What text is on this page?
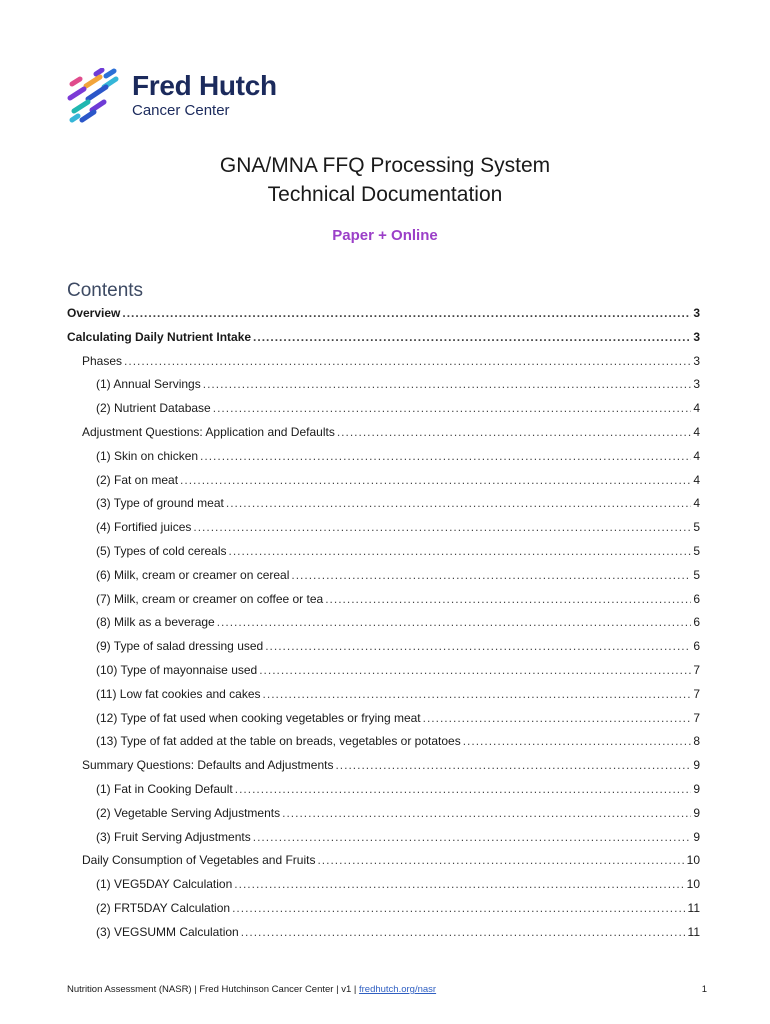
Fred Hutch
Cancer Center
GNA/MNA FFQ Processing System
Technical Documentation
Paper + Online
Contents
Overview .....	3
Calculating Daily Nutrient Intake .....	3
Phases .....	3
(1) Annual Servings .....	3
(2) Nutrient Database .....	4
Adjustment Questions: Application and Defaults .....	4
(1) Skin on chicken .....	4
(2) Fat on meat .....	4
(3) Type of ground meat .....	4
(4) Fortified juices .....	5
(5) Types of cold cereals .....	5
(6) Milk, cream or creamer on cereal .....	5
(7) Milk, cream or creamer on coffee or tea .....	6
(8) Milk as a beverage .....	6
(9) Type of salad dressing used .....	6
(10) Type of mayonnaise used .....	7
(11) Low fat cookies and cakes .....	7
(12) Type of fat used when cooking vegetables or frying meat .....	7
(13) Type of fat added at the table on breads, vegetables or potatoes .....	8
Summary Questions: Defaults and Adjustments .....	9
(1) Fat in Cooking Default .....	9
(2) Vegetable Serving Adjustments .....	9
(3) Fruit Serving Adjustments .....	9
Daily Consumption of Vegetables and Fruits .....	10
(1) VEG5DAY Calculation .....	10
(2) FRT5DAY Calculation .....	11
(3) VEGSUMM Calculation .....	11
Nutrition Assessment (NASR) | Fred Hutchinson Cancer Center | v1 | fredhutch.org/nasr	1
